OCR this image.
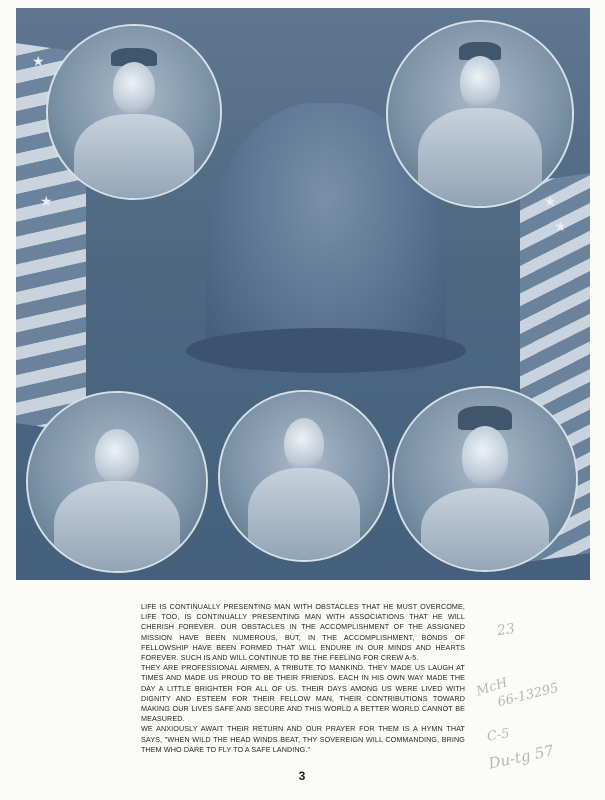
★
★	★
★

LIFE IS CONTINUALLY PRESENTING MAN WITH OBSTACLES THAT HE MUST OVERCOME, LIFE TOO, IS CONTINUALLY PRESENTING MAN WITH ASSOCIATIONS THAT HE WILL CHERISH FOREVER. OUR OBSTACLES IN THE ACCOMPLISHMENT OF THE ASSIGNED MISSION HAVE BEEN NUMEROUS, BUT, IN THE ACCOMPLISHMENT, BONDS OF FELLOWSHIP HAVE BEEN FORMED THAT WILL ENDURE IN OUR MINDS AND HEARTS FOREVER. SUCH IS AND WILL CONTINUE TO BE THE FEELING FOR CREW A-5.

THEY ARE PROFESSIONAL AIRMEN, A TRIBUTE TO MANKIND. THEY MADE US LAUGH AT TIMES AND MADE US PROUD TO BE THEIR FRIENDS. EACH IN HIS OWN WAY MADE THE DAY A LITTLE BRIGHTER FOR ALL OF US. THEIR DAYS AMONG US WERE LIVED WITH DIGNITY AND ESTEEM FOR THEIR FELLOW MAN, THEIR CONTRIBUTIONS TOWARD MAKING OUR LIVES SAFE AND SECURE AND THIS WORLD A BETTER WORLD CANNOT BE MEASURED.

WE ANXIOUSLY AWAIT THEIR RETURN AND OUR PRAYER FOR THEM IS A HYMN THAT SAYS, "WHEN WILD THE HEAD WINDS BEAT, THY SOVEREIGN WILL COMMANDING, BRING THEM WHO DARE TO FLY TO A SAFE LANDING."

23
McH
66-13295
C-5
Du-tg 57
3
